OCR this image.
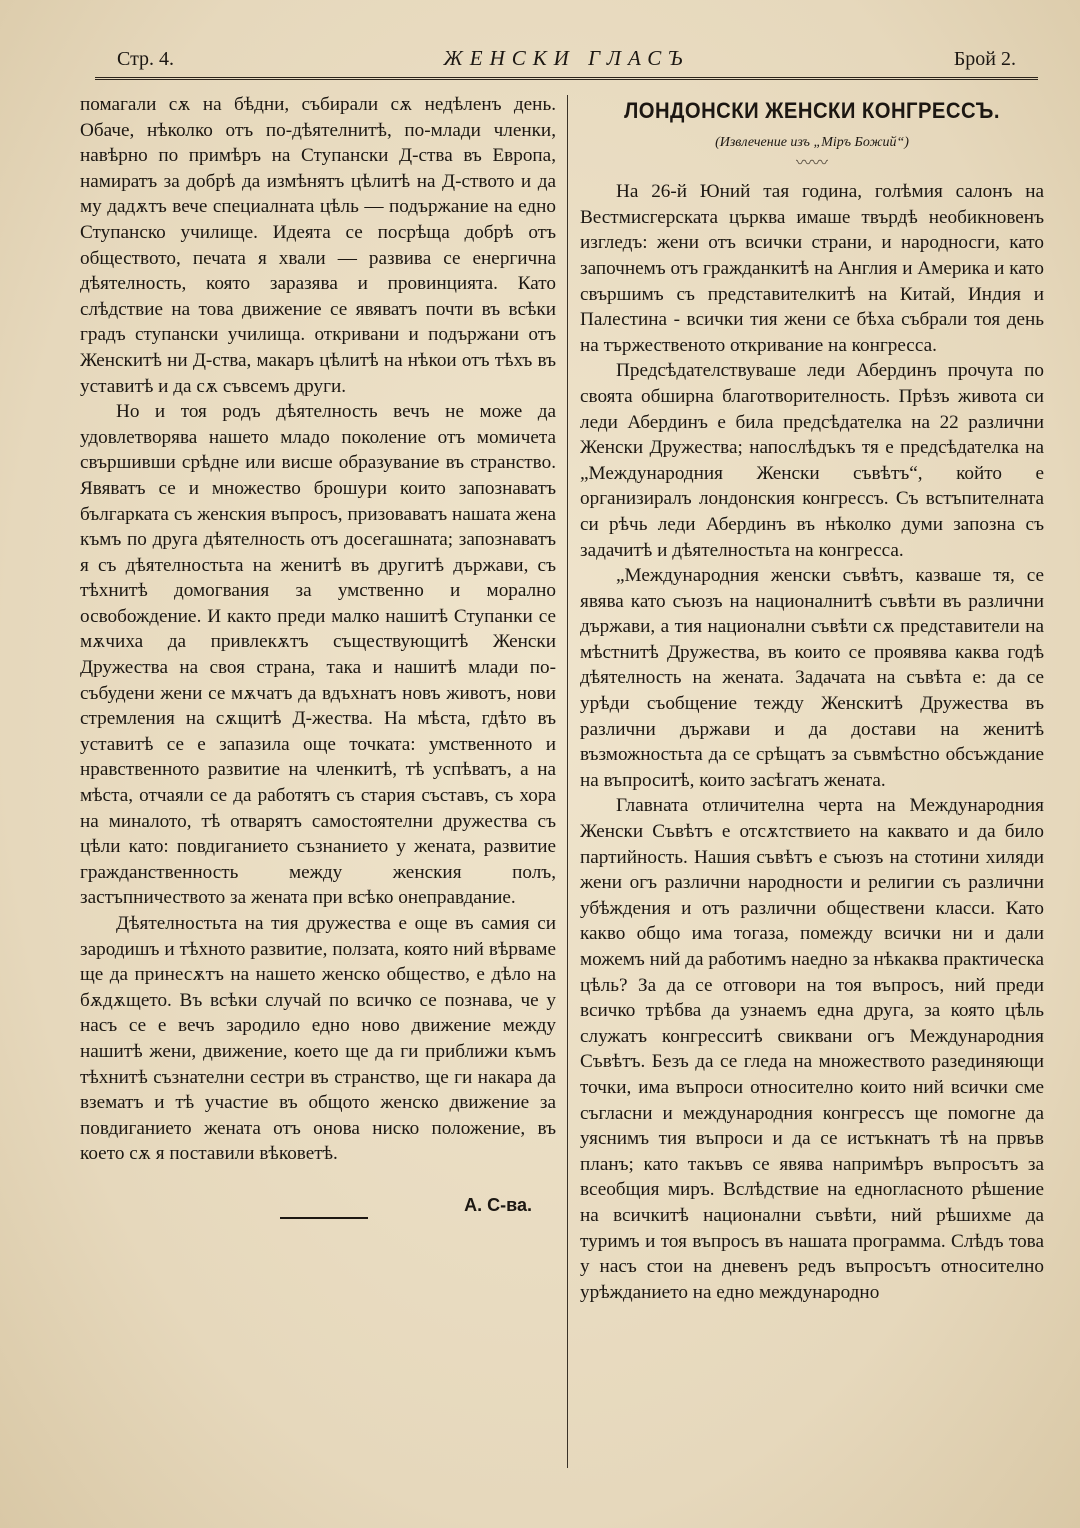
Стр. 4.	ЖЕНСКИ ГЛАСЪ	Брой 2.

помагали сѫ на бѣдни, събирали сѫ недѣленъ день. Обаче, нѣколко отъ по-дѣятелнитѣ, по-млади членки, навѣрно по примѣръ на Ступански Д-ства въ Европа, намиратъ за добрѣ да измѣнятъ цѣлитѣ на Д-ството и да му дадѫтъ вече специалната цѣль — подържание на едно Ступанско училище. Идеята се посрѣща добрѣ отъ обществото, печата я хвали — развива се енергична дѣятелность, която заразява и провинцията. Като слѣдствие на това движение се явяватъ почти въ всѣки градъ ступански училища. откривани и подържани отъ Женскитѣ ни Д-ства, макаръ цѣлитѣ на нѣкои отъ тѣхъ въ уставитѣ и да сѫ съвсемъ други.

Но и тоя родъ дѣятелность вечъ не може да удовлетворява нашето младо поколение отъ момичета свършивши срѣдне или висше образувание въ странство. Явяватъ се и множество брошури които запознаватъ българката съ женския въпросъ, призоваватъ нашата жена къмъ по друга дѣятелность отъ досегашната; запознаватъ я съ дѣятелностьта на женитѣ въ другитѣ държави, съ тѣхнитѣ домогвания за умственно и морално освобождение. И както преди малко нашитѣ Ступанки се мѫчиха да привлекѫтъ съществующитѣ Женски Дружества на своя страна, така и нашитѣ млади по-събудени жени се мѫчатъ да вдъхнатъ новъ животъ, нови стремления на сѫщитѣ Д-жества. На мѣста, гдѣто въ уставитѣ се е запазила още точката: умственното и нравственното развитие на членкитѣ, тѣ успѣватъ, а на мѣста, отчаяли се да работятъ съ стария съставъ, съ хора на миналото, тѣ отварятъ самостоятелни дружества съ цѣли като: повдиганието съзнанието у жената, развитие гражданственность между женския полъ, застъпничеството за жената при всѣко онеправдание.

Дѣятелностьта на тия дружества е още въ самия си зародишъ и тѣхното развитие, ползата, която ний вѣрваме ще да принесѫтъ на нашето женско общество, е дѣло на бѫдѫщето. Въ всѣки случай по всичко се познава, че у насъ се е вечъ зародило едно ново движение между нашитѣ жени, движение, което ще да ги приближи къмъ тѣхнитѣ съзнателни сестри въ странство, ще ги накара да взематъ и тѣ участие въ общото женско движение за повдиганието жената отъ онова ниско положение, въ което сѫ я поставили вѣковетѣ.

А. С-ва.
ЛОНДОНСКИ ЖЕНСКИ КОНГРЕССЪ.
(Извлечение изъ „Міръ Божий“)
〰〰

На 26-й Юний тая година, голѣмия салонъ на Вестмисгерската църква имаше твърдѣ необикновенъ изгледъ: жени отъ всички страни, и народносги, като започнемъ отъ гражданкитѣ на Англия и Америка и като свършимъ съ представителкитѣ на Китай, Индия и Палестина - всички тия жени се бѣха събрали тоя день на тържественото откривание на конгресса.

Предсѣдателствуваше леди Абердинъ прочута по своята обширна благотворителность. Прѣзъ живота си леди Абердинъ е била предсѣдателка на 22 различни Женски Дружества; напослѣдъкъ тя е предсѣдателка на „Международния Женски съвѣтъ“, който е организиралъ лондонския конгрессъ. Съ встъпителната си рѣчь леди Абердинъ въ нѣколко думи запозна съ задачитѣ и дѣятелностьта на конгресса.

„Международния женски съвѣтъ, казваше тя, се явява като съюзъ на националнитѣ съвѣти въ различни държави, а тия национални съвѣти сѫ представители на мѣстнитѣ Дружества, въ които се проявява каква годѣ дѣятелность на жената. Задачата на съвѣта е: да се урѣди съобщение тежду Женскитѣ Дружества въ различни държави и да достави на женитѣ възможностьта да се срѣщатъ за съвмѣстно обсъждание на въпроситѣ, които засѣгатъ жената.

Главната отличителна черта на Международния Женски Съвѣтъ е отсѫтствието на каквато и да било партийность. Нашия съвѣтъ е съюзъ на стотини хиляди жени огъ различни народности и религии съ различни убѣждения и отъ различни обществени класси. Като какво общо има тогаза, помежду всички ни и дали можемъ ний да работимъ наедно за нѣкаква практическа цѣль? За да се отговори на тоя въпросъ, ний преди всичко трѣбва да узнаемъ една друга, за която цѣль служатъ конгресситѣ свиквани огъ Международния Съвѣтъ. Безъ да се гледа на множеството разединяющи точки, има въпроси относително които ний всички сме съгласни и международния конгрессъ ще помогне да уяснимъ тия въпроси и да се истъкнатъ тѣ на првъв планъ; като такъвъ се явява напримѣръ въпросътъ за всеобщия миръ. Вслѣдствие на едногласното рѣшение на всичкитѣ национални съвѣти, ний рѣшихме да туримъ и тоя въпросъ въ нашата программа. Слѣдъ това у насъ стои на дневенъ редъ въпросътъ относително урѣжданието на едно международно
